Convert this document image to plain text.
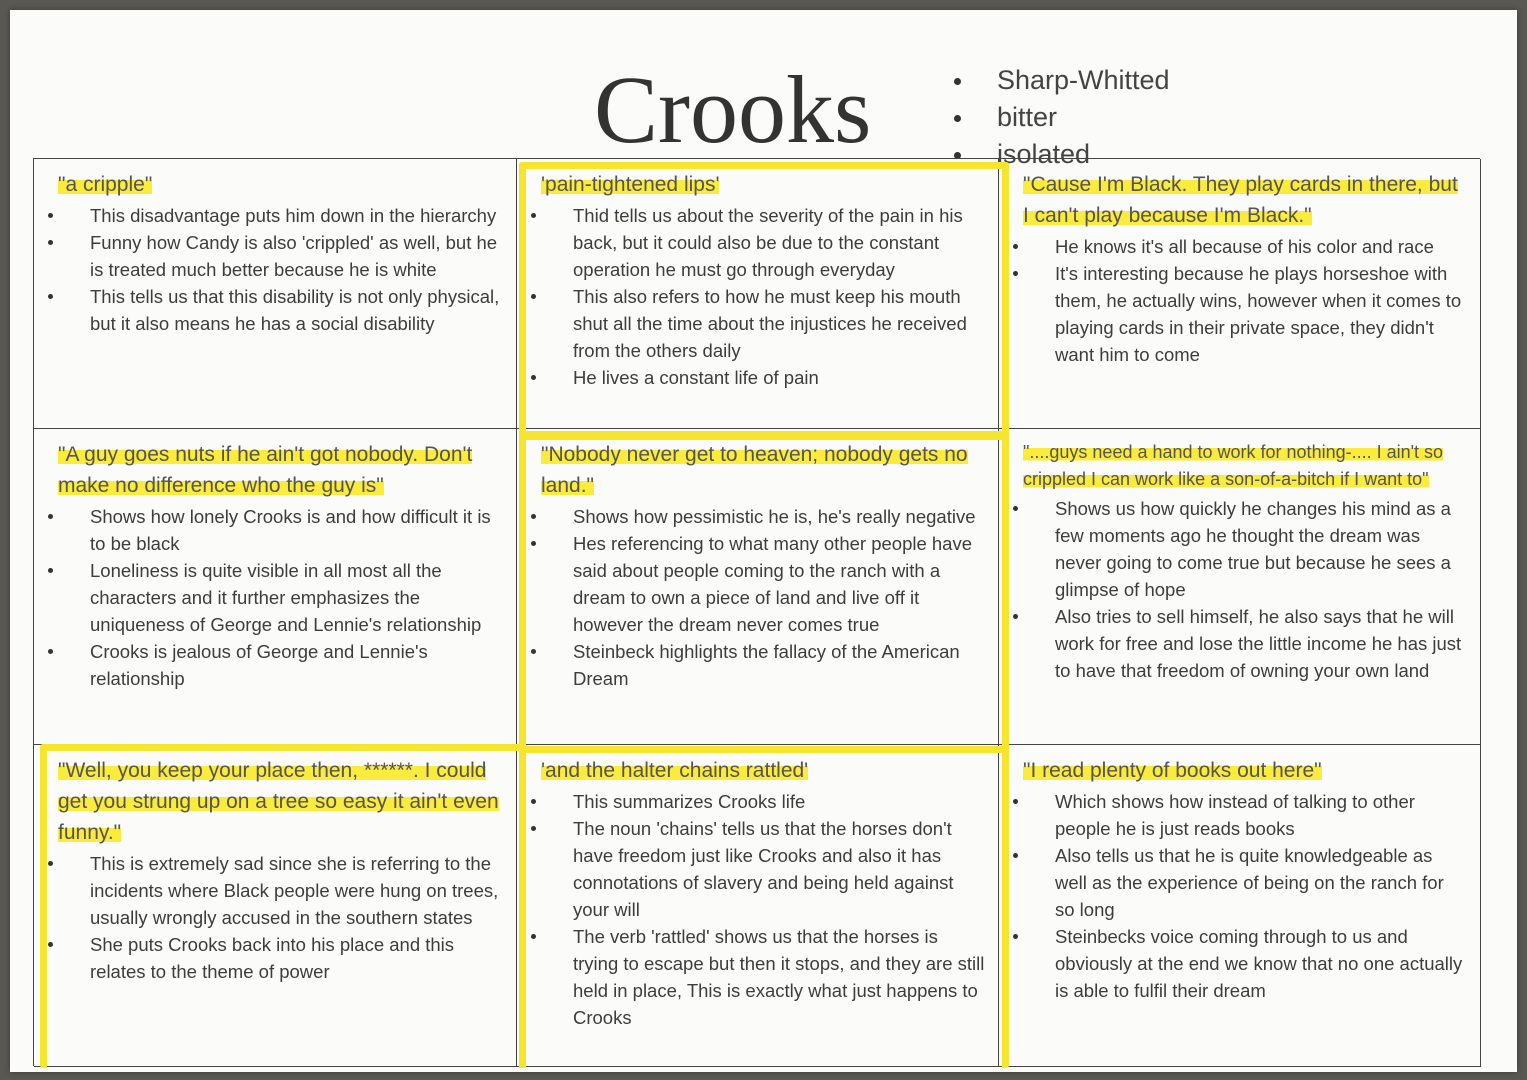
Crooks	Sharp-Whitted
bitter
isolated
"a cripple"
This disadvantage puts him down in the hierarchy
Funny how Candy is also 'crippled' as well, but he is treated much better because he is white
This tells us that this disability is not only physical, but it also means he has a social disability
'pain-tightened lips'
Thid tells us about the severity of the pain in his back, but it could also be due to the constant operation he must go through everyday
This also refers to how he must keep his mouth shut all the time about the injustices he received from the others daily
He lives a constant life of pain
"Cause I'm Black. They play cards in there, but I can't play because I'm Black."
He knows it's all because of his color and race
It's interesting because he plays horseshoe with them, he actually wins, however when it comes to playing cards in their private space, they didn't want him to come
"A guy goes nuts if he ain't got nobody. Don't make no difference who the guy is"
Shows how lonely Crooks is and how difficult it is to be black
Loneliness is quite visible in all most all the characters and it further emphasizes the uniqueness of George and Lennie's relationship
Crooks is jealous of George and Lennie's relationship
"Nobody never get to heaven; nobody gets no land."
Shows how pessimistic he is, he's really negative
Hes referencing to what many other people have said about people coming to the ranch with a dream to own a piece of land and live off it however the dream never comes true
Steinbeck highlights the fallacy of the American Dream
"....guys need a hand to work for nothing-.... I ain't so crippled I can work like a son-of-a-bitch if I want to"
Shows us how quickly he changes his mind as a few moments ago he thought the dream was never going to come true but because he sees a glimpse of hope
Also tries to sell himself, he also says that he will work for free and lose the little income he has just to have that freedom of owning your own land
"Well, you keep your place then, ******. I could get you strung up on a tree so easy it ain't even funny."
This is extremely sad since she is referring to the incidents where Black people were hung on trees, usually wrongly accused in the southern states
She puts Crooks back into his place and this relates to the theme of power
'and the halter chains rattled'
This summarizes Crooks life
The noun 'chains' tells us that the horses don't have freedom just like Crooks and also it has connotations of slavery and being held against your will
The verb 'rattled' shows us that the horses is trying to escape but then it stops, and they are still held in place, This is exactly what just happens to Crooks
"I read plenty of books out here"
Which shows how instead of talking to other people he is just reads books
Also tells us that he is quite knowledgeable as well as the experience of being on the ranch for so long
Steinbecks voice coming through to us and obviously at the end we know that no one actually is able to fulfil their dream
